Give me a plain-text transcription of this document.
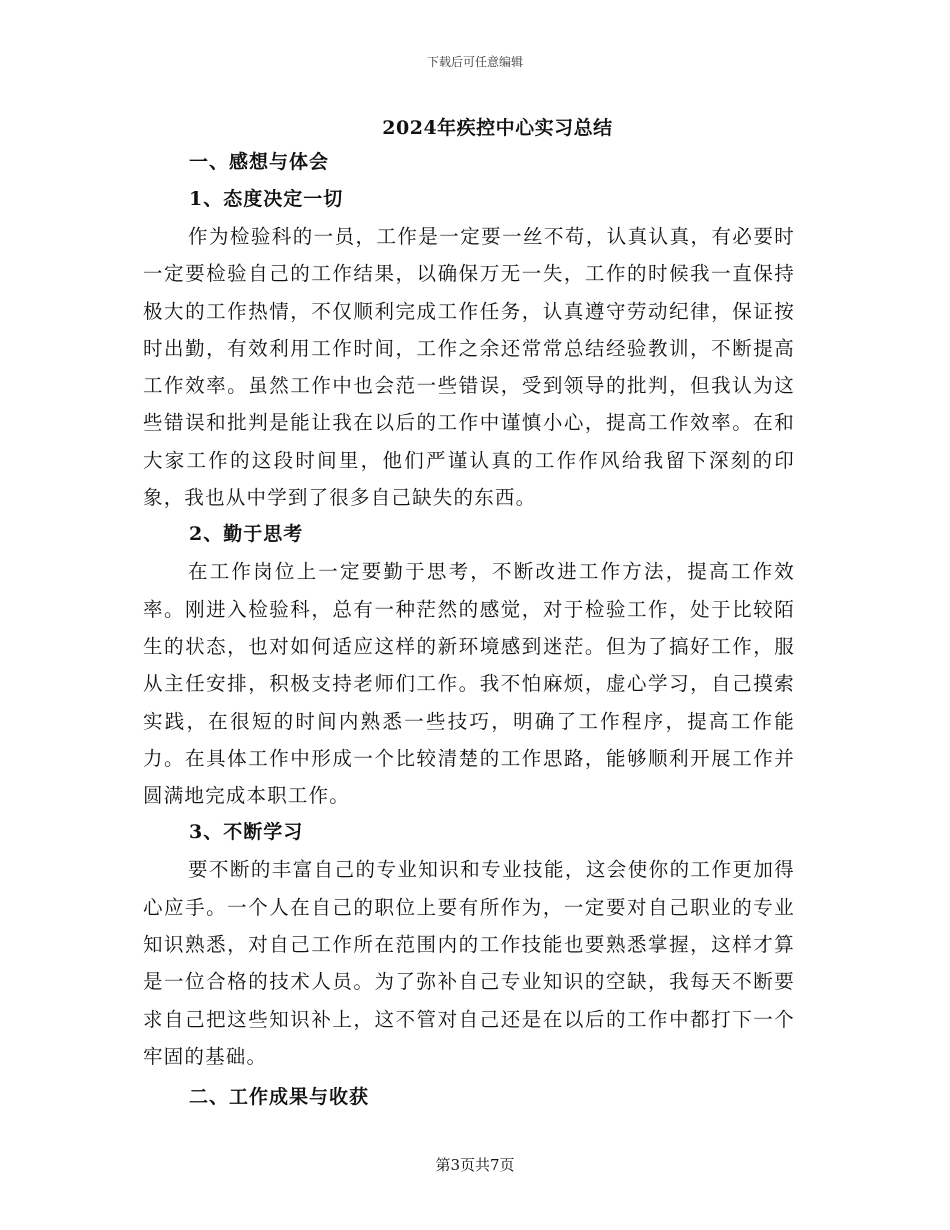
下载后可任意编辑
2024年疾控中心实习总结

一、感想与体会

1、态度决定一切

作为检验科的一员，工作是一定要一丝不苟，认真认真，有必要时一定要检验自己的工作结果，以确保万无一失，工作的时候我一直保持极大的工作热情，不仅顺利完成工作任务，认真遵守劳动纪律，保证按时出勤，有效利用工作时间，工作之余还常常总结经验教训，不断提高工作效率。虽然工作中也会范一些错误，受到领导的批判，但我认为这些错误和批判是能让我在以后的工作中谨慎小心，提高工作效率。在和大家工作的这段时间里，他们严谨认真的工作作风给我留下深刻的印象，我也从中学到了很多自己缺失的东西。

2、勤于思考

在工作岗位上一定要勤于思考，不断改进工作方法，提高工作效率。刚进入检验科，总有一种茫然的感觉，对于检验工作，处于比较陌生的状态，也对如何适应这样的新环境感到迷茫。但为了搞好工作，服从主任安排，积极支持老师们工作。我不怕麻烦，虚心学习，自己摸索实践，在很短的时间内熟悉一些技巧，明确了工作程序，提高工作能力。在具体工作中形成一个比较清楚的工作思路，能够顺利开展工作并圆满地完成本职工作。

3、不断学习

要不断的丰富自己的专业知识和专业技能，这会使你的工作更加得心应手。一个人在自己的职位上要有所作为，一定要对自己职业的专业知识熟悉，对自己工作所在范围内的工作技能也要熟悉掌握，这样才算是一位合格的技术人员。为了弥补自己专业知识的空缺，我每天不断要求自己把这些知识补上，这不管对自己还是在以后的工作中都打下一个牢固的基础。

二、工作成果与收获

第3页共7页
